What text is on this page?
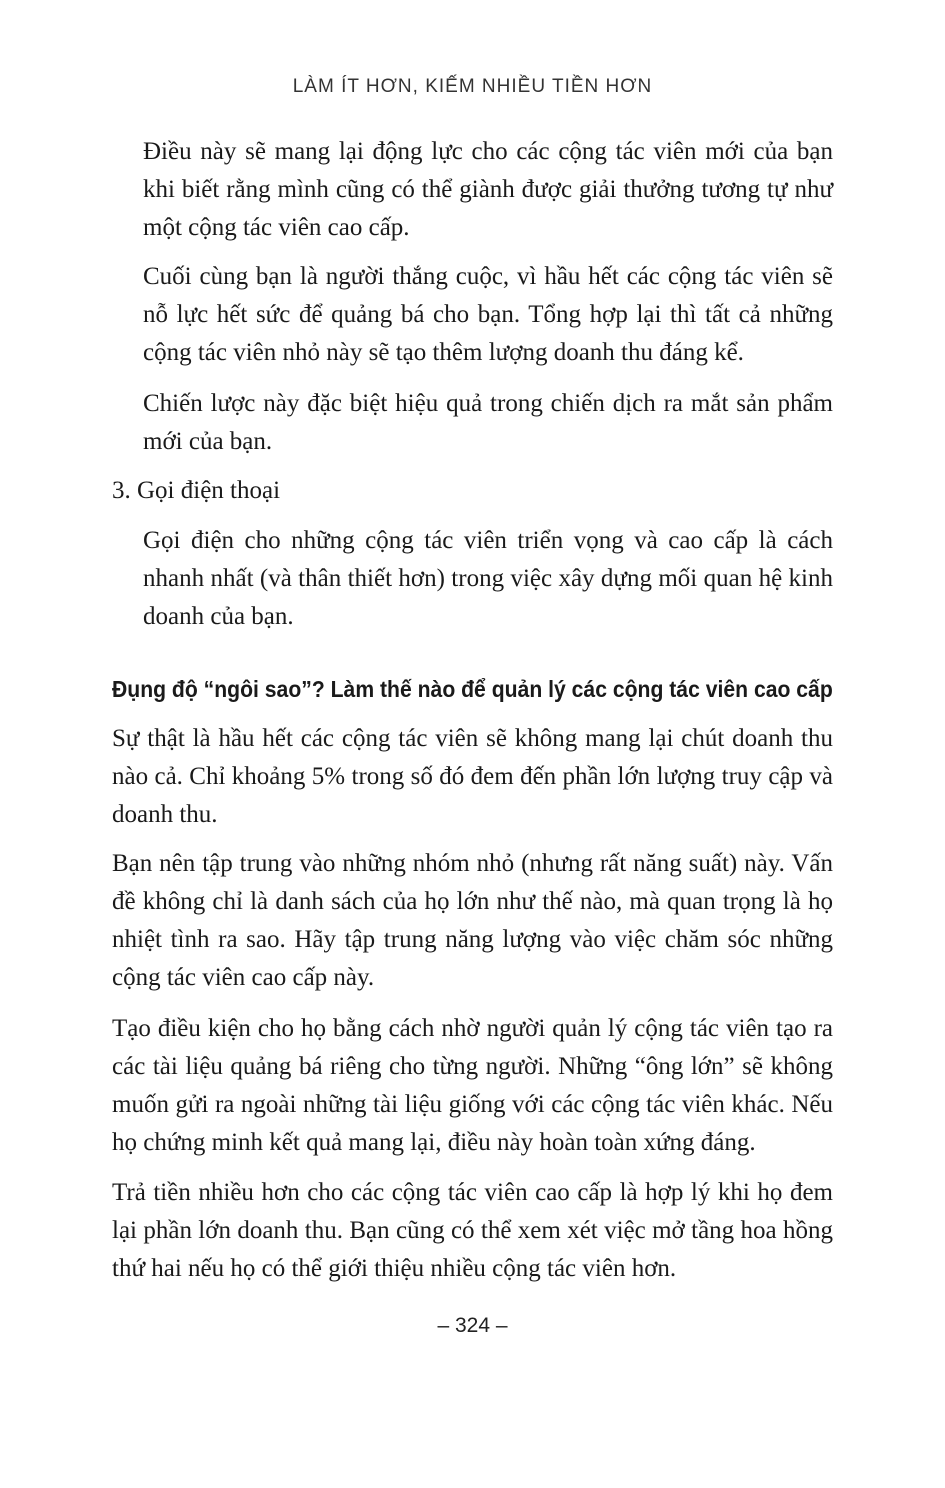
LÀM ÍT HƠN, KIẾM NHIỀU TIỀN HƠN

Điều này sẽ mang lại động lực cho các cộng tác viên mới của bạn khi biết rằng mình cũng có thể giành được giải thưởng tương tự như một cộng tác viên cao cấp.

Cuối cùng bạn là người thắng cuộc, vì hầu hết các cộng tác viên sẽ nỗ lực hết sức để quảng bá cho bạn. Tổng hợp lại thì tất cả những cộng tác viên nhỏ này sẽ tạo thêm lượng doanh thu đáng kể.

Chiến lược này đặc biệt hiệu quả trong chiến dịch ra mắt sản phẩm mới của bạn.

3. Gọi điện thoại

Gọi điện cho những cộng tác viên triển vọng và cao cấp là cách nhanh nhất (và thân thiết hơn) trong việc xây dựng mối quan hệ kinh doanh của bạn.

Đụng độ “ngôi sao”? Làm thế nào để quản lý các cộng tác viên cao cấp

Sự thật là hầu hết các cộng tác viên sẽ không mang lại chút doanh thu nào cả. Chỉ khoảng 5% trong số đó đem đến phần lớn lượng truy cập và doanh thu.

Bạn nên tập trung vào những nhóm nhỏ (nhưng rất năng suất) này. Vấn đề không chỉ là danh sách của họ lớn như thế nào, mà quan trọng là họ nhiệt tình ra sao. Hãy tập trung năng lượng vào việc chăm sóc những cộng tác viên cao cấp này.

Tạo điều kiện cho họ bằng cách nhờ người quản lý cộng tác viên tạo ra các tài liệu quảng bá riêng cho từng người. Những “ông lớn” sẽ không muốn gửi ra ngoài những tài liệu giống với các cộng tác viên khác. Nếu họ chứng minh kết quả mang lại, điều này hoàn toàn xứng đáng.

Trả tiền nhiều hơn cho các cộng tác viên cao cấp là hợp lý khi họ đem lại phần lớn doanh thu. Bạn cũng có thể xem xét việc mở tầng hoa hồng thứ hai nếu họ có thể giới thiệu nhiều cộng tác viên hơn.

– 324 –
